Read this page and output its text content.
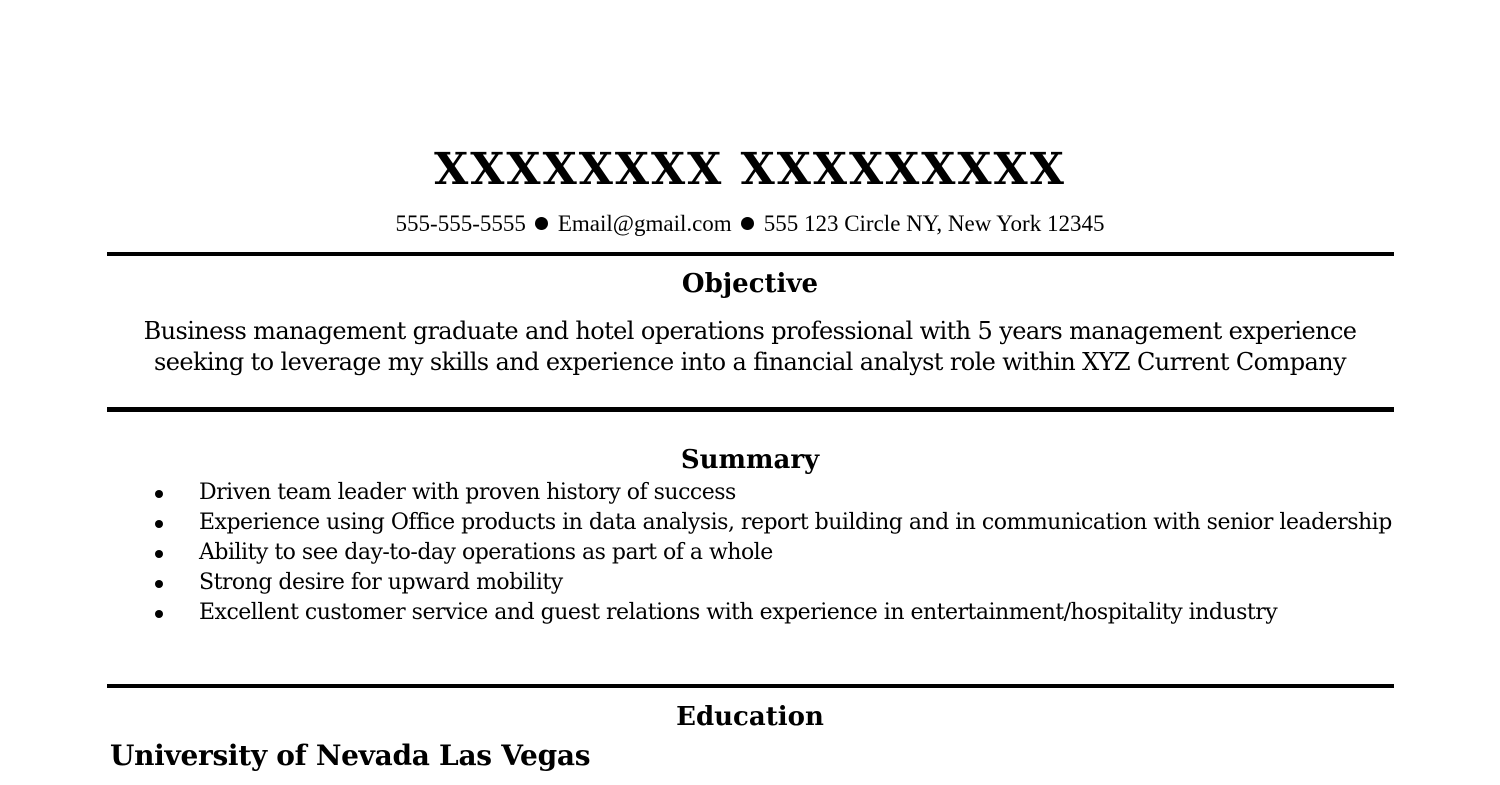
XXXXXXXX XXXXXXXXX
555-555-5555 Email@gmail.com 555 123 Circle NY, New York 12345
Objective
Business management graduate and hotel operations professional with 5 years management experience
seeking to leverage my skills and experience into a financial analyst role within XYZ Current Company
Summary
Driven team leader with proven history of success
Experience using Office products in data analysis, report building and in communication with senior leadership
Ability to see day-to-day operations as part of a whole
Strong desire for upward mobility
Excellent customer service and guest relations with experience in entertainment/hospitality industry
Education
University of Nevada Las Vegas
